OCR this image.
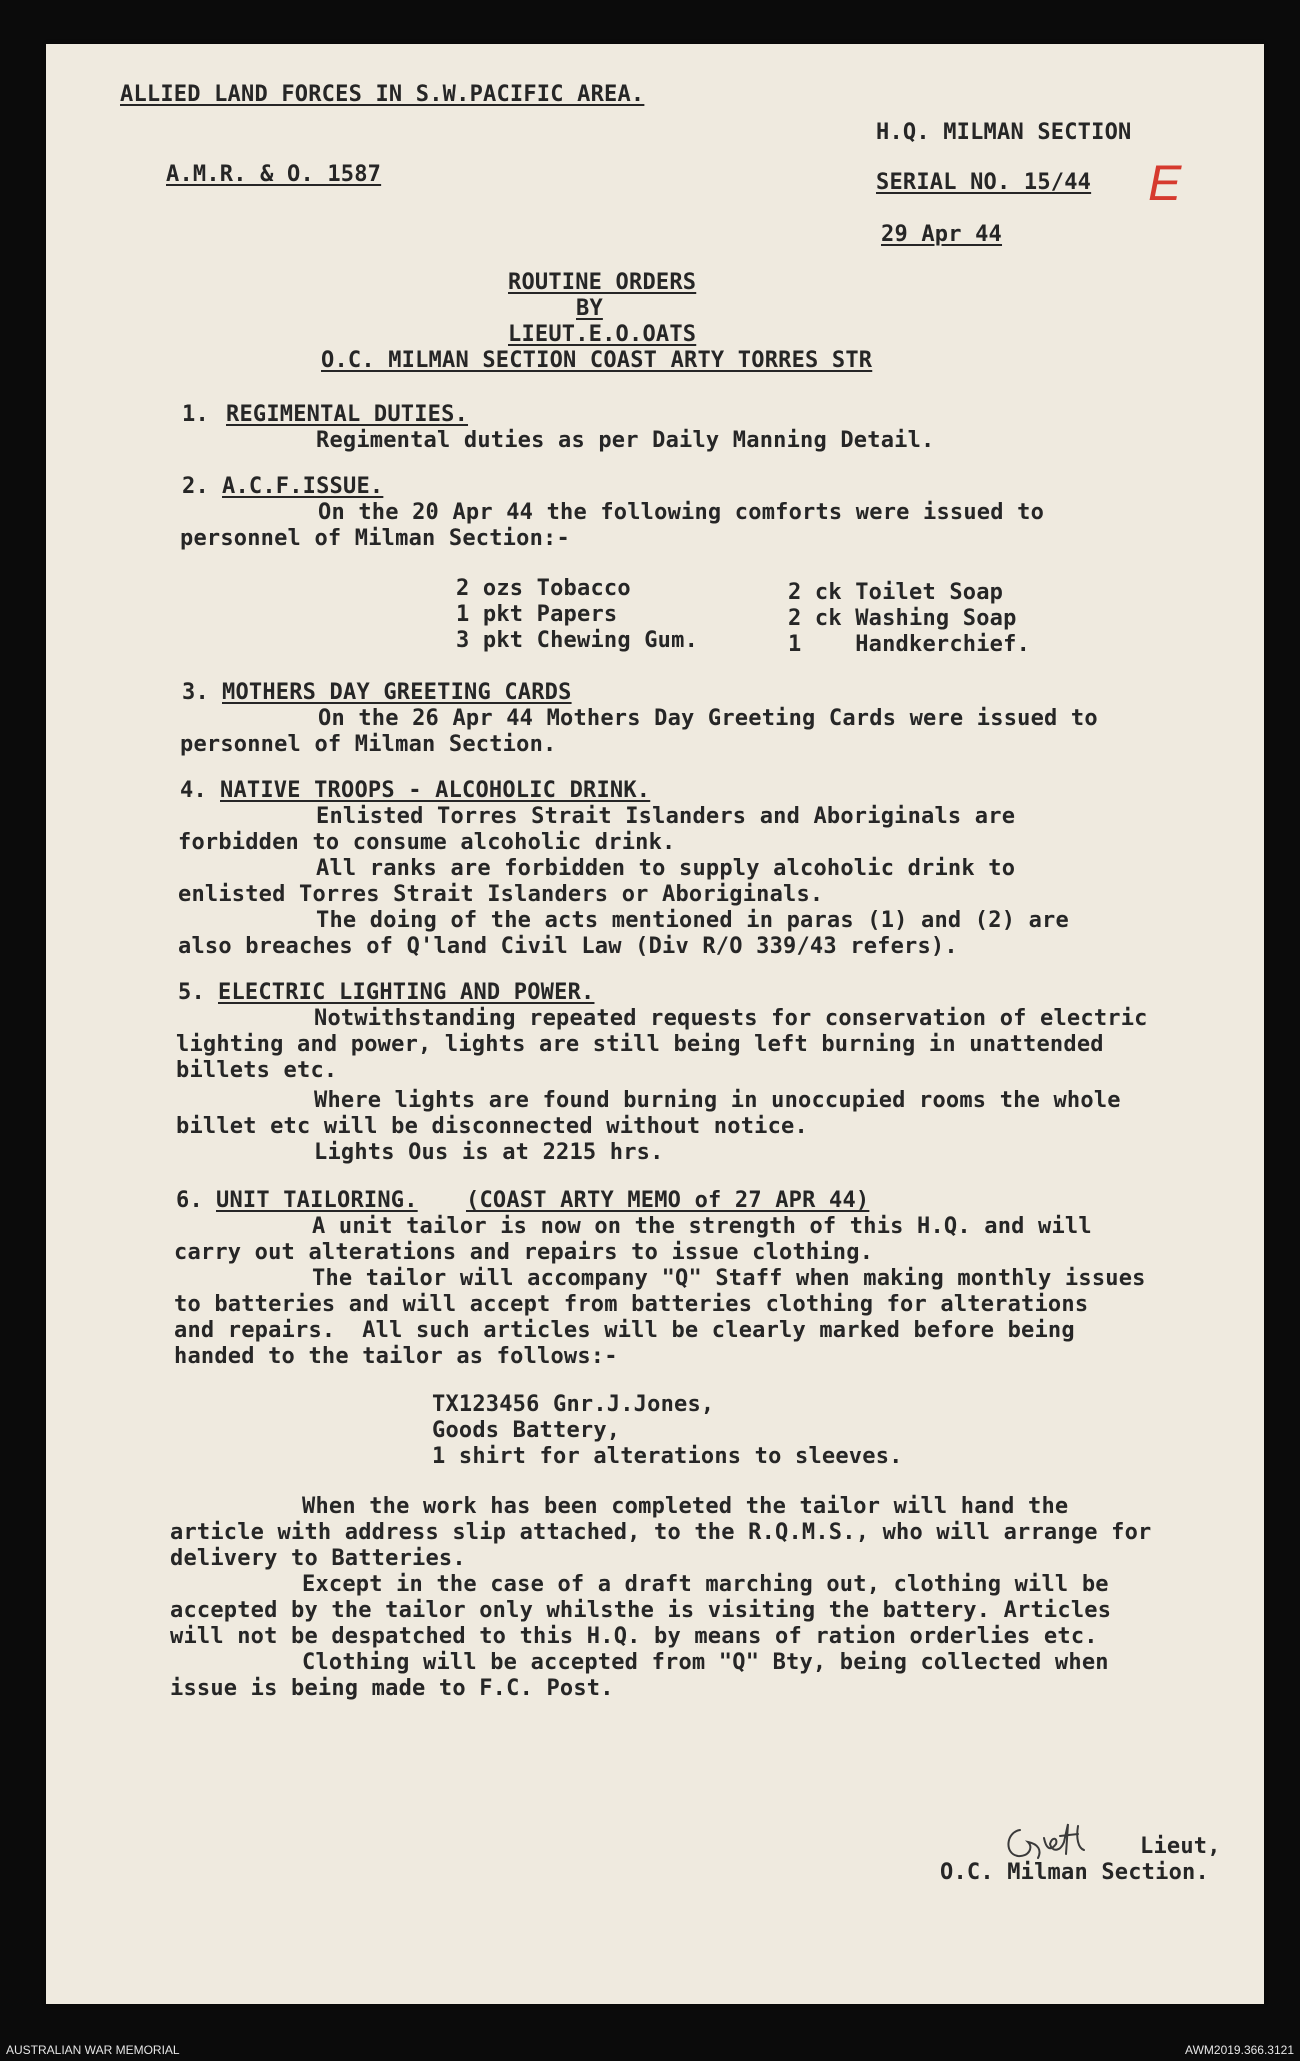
ALLIED LAND FORCES IN S.W.PACIFIC AREA.
H.Q. MILMAN SECTION
A.M.R. & O. 1587	SERIAL NO. 15/44 E
29 Apr 44
ROUTINE ORDERS
BY
LIEUT.E.O.OATS
O.C. MILMAN SECTION COAST ARTY TORRES STR
1. REGIMENTAL DUTIES.
Regimental duties as per Daily Manning Detail.
2. A.C.F.ISSUE.
On the 20 Apr 44 the following comforts were issued to
personnel of Milman Section:-
2 ozs Tobacco
1 pkt Papers
3 pkt Chewing Gum.
2 ck Toilet Soap
2 ck Washing Soap
1    Handkerchief.
3. MOTHERS DAY GREETING CARDS
On the 26 Apr 44 Mothers Day Greeting Cards were issued to
personnel of Milman Section.
4. NATIVE TROOPS - ALCOHOLIC DRINK.
Enlisted Torres Strait Islanders and Aboriginals are
forbidden to consume alcoholic drink.
All ranks are forbidden to supply alcoholic drink to
enlisted Torres Strait Islanders or Aboriginals.
The doing of the acts mentioned in paras (1) and (2) are
also breaches of Q'land Civil Law (Div R/O 339/43 refers).
5. ELECTRIC LIGHTING AND POWER.
Notwithstanding repeated requests for conservation of electric
lighting and power, lights are still being left burning in unattended
billets etc.
Where lights are found burning in unoccupied rooms the whole
billet etc will be disconnected without notice.
Lights Ous is at 2215 hrs.
6. UNIT TAILORING. (COAST ARTY MEMO of 27 APR 44)
A unit tailor is now on the strength of this H.Q. and will
carry out alterations and repairs to issue clothing.
The tailor will accompany "Q" Staff when making monthly issues
to batteries and will accept from batteries clothing for alterations
and repairs.  All such articles will be clearly marked before being
handed to the tailor as follows:-
TX123456 Gnr.J.Jones,
Goods Battery,
1 shirt for alterations to sleeves.
When the work has been completed the tailor will hand the
article with address slip attached, to the R.Q.M.S., who will arrange for
delivery to Batteries.
Except in the case of a draft marching out, clothing will be
accepted by the tailor only whilsthe is visiting the battery. Articles
will not be despatched to this H.Q. by means of ration orderlies etc.
Clothing will be accepted from "Q" Bty, being collected when
issue is being made to F.C. Post.
Lieut,
O.C. Milman Section.
AUSTRALIAN WAR MEMORIAL	AWM2019.366.3121
